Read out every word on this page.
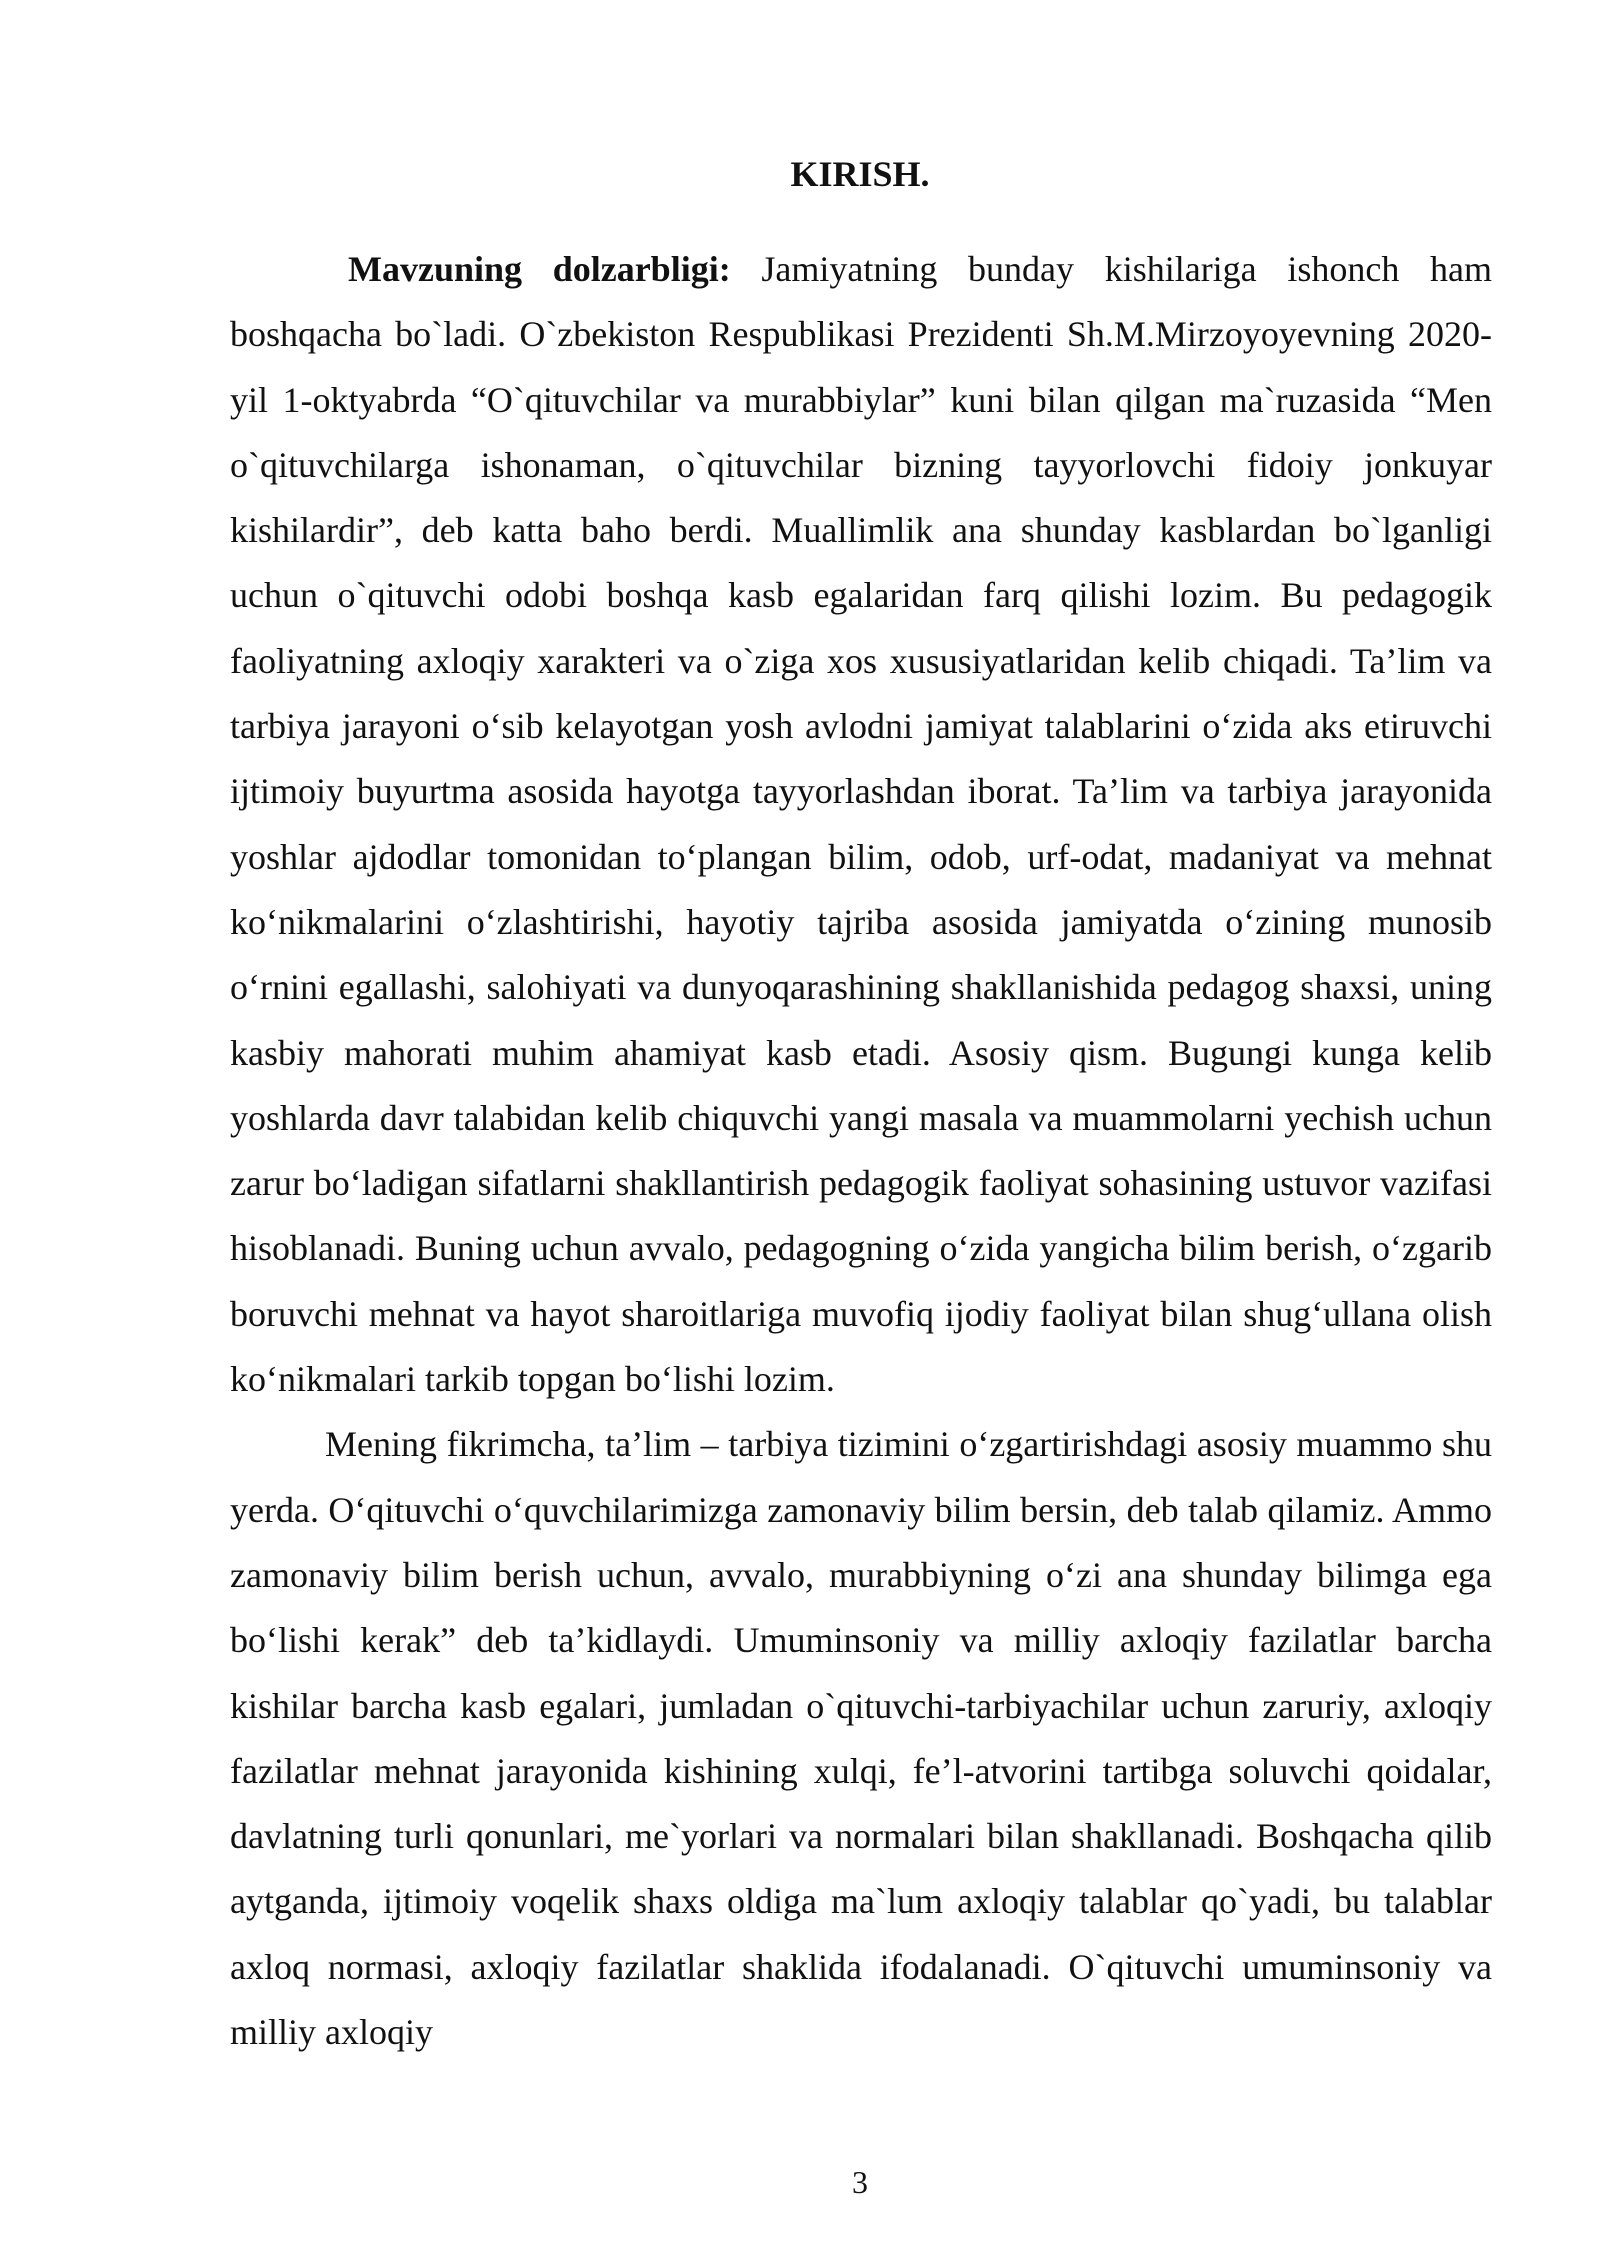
KIRISH.

Mavzuning dolzarbligi: Jamiyatning bunday kishilariga ishonch ham boshqacha bo`ladi. O`zbekiston Respublikasi Prezidenti Sh.M.Mirzoyoyevning 2020-yil 1-oktyabrda “O`qituvchilar va murabbiylar” kuni bilan qilgan ma`ruzasida “Men o`qituvchilarga ishonaman, o`qituvchilar bizning tayyorlovchi fidoiy jonkuyar kishilardir”, deb katta baho berdi. Muallimlik ana shunday kasblardan bo`lganligi uchun o`qituvchi odobi boshqa kasb egalaridan farq qilishi lozim. Bu pedagogik faoliyatning axloqiy xarakteri va o`ziga xos xususiyatlaridan kelib chiqadi. Ta’lim va tarbiya jarayoni o‘sib kelayotgan yosh avlodni jamiyat talablarini o‘zida aks etiruvchi ijtimoiy buyurtma asosida hayotga tayyorlashdan iborat. Ta’lim va tarbiya jarayonida yoshlar ajdodlar tomonidan to‘plangan bilim, odob, urf-odat, madaniyat va mehnat ko‘nikmalarini o‘zlashtirishi, hayotiy tajriba asosida jamiyatda o‘zining munosib o‘rnini egallashi, salohiyati va dunyoqarashining shakllanishida pedagog shaxsi, uning kasbiy mahorati muhim ahamiyat kasb etadi. Asosiy qism. Bugungi kunga kelib yoshlarda davr talabidan kelib chiquvchi yangi masala va muammolarni yechish uchun zarur bo‘ladigan sifatlarni shakllantirish pedagogik faoliyat sohasining ustuvor vazifasi hisoblanadi. Buning uchun avvalo, pedagogning o‘zida yangicha bilim berish, o‘zgarib boruvchi mehnat va hayot sharoitlariga muvofiq ijodiy faoliyat bilan shug‘ullana olish ko‘nikmalari tarkib topgan bo‘lishi lozim.

Mening fikrimcha, ta’lim – tarbiya tizimini o‘zgartirishdagi asosiy muammo shu yerda. O‘qituvchi o‘quvchilarimizga zamonaviy bilim bersin, deb talab qilamiz. Ammo zamonaviy bilim berish uchun, avvalo, murabbiyning o‘zi ana shunday bilimga ega bo‘lishi kerak” deb ta’kidlaydi. Umuminsoniy va milliy axloqiy fazilatlar barcha kishilar barcha kasb egalari, jumladan o`qituvchi-tarbiyachilar uchun zaruriy, axloqiy fazilatlar mehnat jarayonida kishining xulqi, fe’l-atvorini tartibga soluvchi qoidalar, davlatning turli qonunlari, me`yorlari va normalari bilan shakllanadi. Boshqacha qilib aytganda, ijtimoiy voqelik shaxs oldiga ma`lum axloqiy talablar qo`yadi, bu talablar axloq normasi, axloqiy fazilatlar shaklida ifodalanadi. O`qituvchi umuminsoniy va milliy axloqiy

3
